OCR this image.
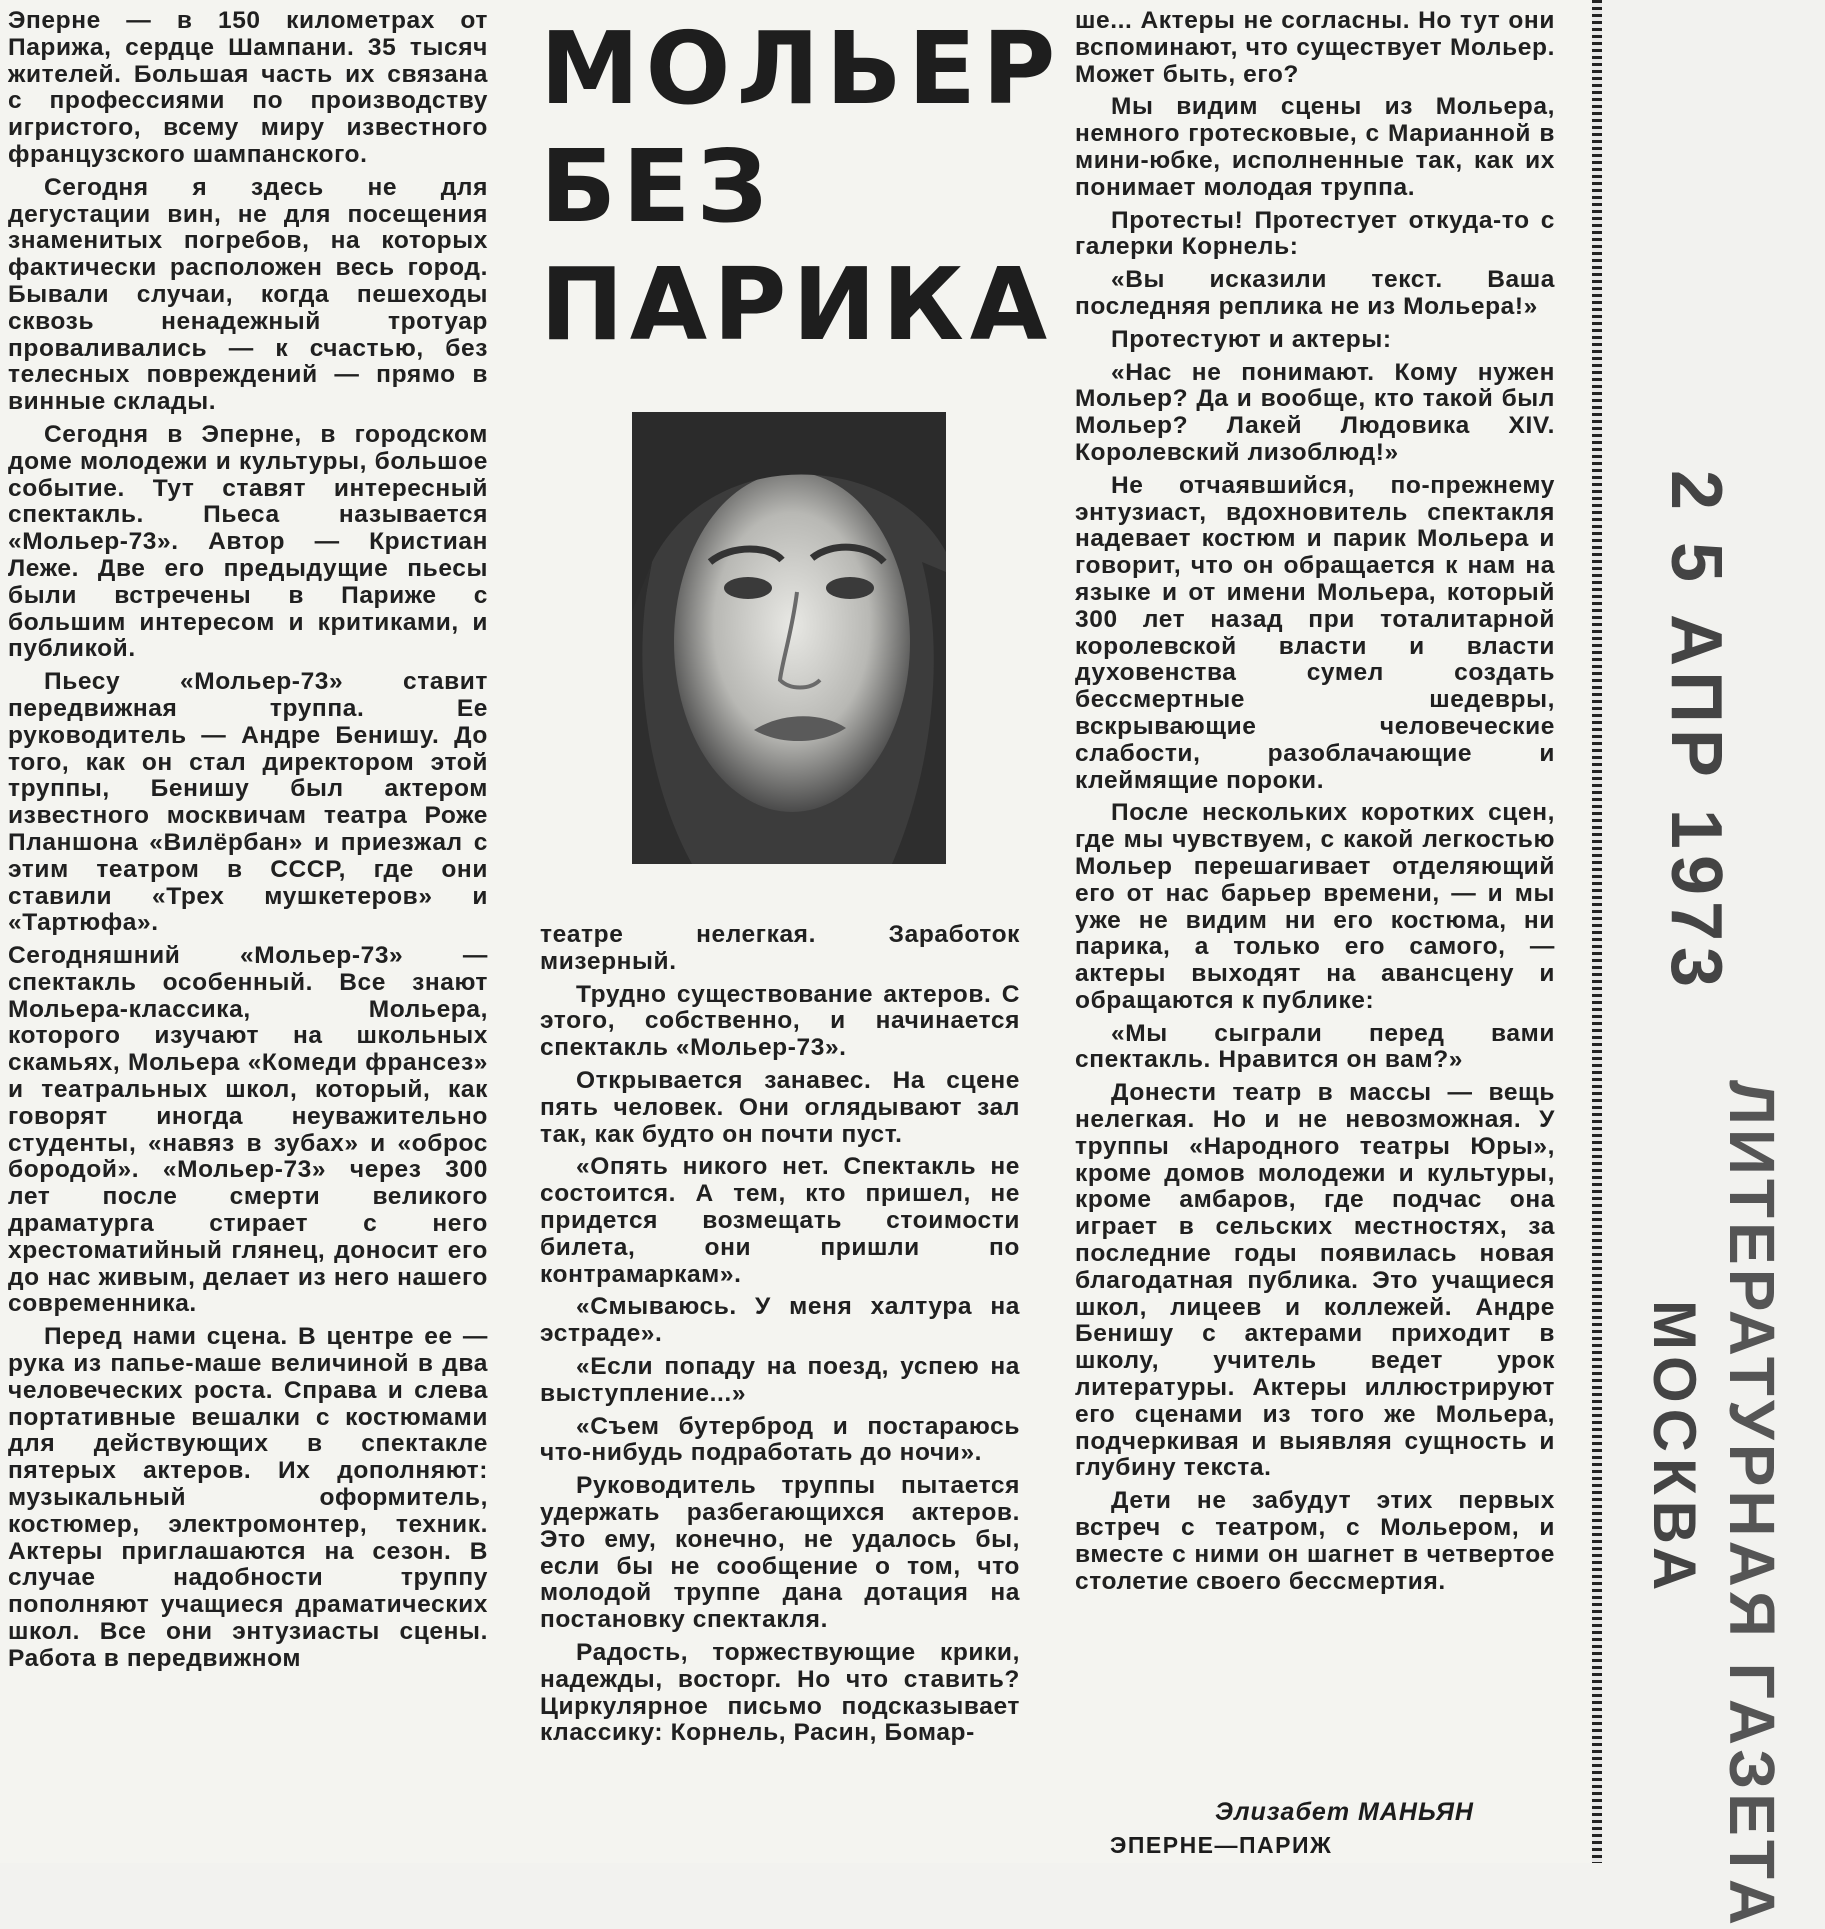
МОЛЬЕР
БЕЗ
ПАРИКА

Эперне — в 150 километрах от Парижа, сердце Шампани. 35 тысяч жителей. Большая часть их связана с профессиями по производству игристого, всему миру известного французского шампанского.

Сегодня я здесь не для дегустации вин, не для посещения знаменитых погребов, на которых фактически расположен весь город. Бывали случаи, когда пешеходы сквозь ненадежный тротуар проваливались — к счастью, без телесных повреждений — прямо в винные склады.

Сегодня в Эперне, в городском доме молодежи и культуры, большое событие. Тут ставят интересный спектакль. Пьеса называется «Мольер-73». Автор — Кристиан Леже. Две его предыдущие пьесы были встречены в Париже с большим интересом и критиками, и публикой.

Пьесу «Мольер-73» ставит передвижная труппа. Ее руководитель — Андре Бенишу. До того, как он стал директором этой труппы, Бенишу был актером известного москвичам театра Роже Планшона «Вилёрбан» и приезжал с этим театром в СССР, где они ставили «Трех мушкетеров» и «Тартюфа».

Сегодняшний «Мольер-73» — спектакль особенный. Все знают Мольера-классика, Мольера, которого изучают на школьных скамьях, Мольера «Комеди франсез» и театральных школ, который, как говорят иногда неуважительно студенты, «навяз в зубах» и «оброс бородой». «Мольер-73» через 300 лет после смерти великого драматурга стирает с него хрестоматийный глянец, доносит его до нас живым, делает из него нашего современника.

Перед нами сцена. В центре ее — рука из папье-маше величиной в два человеческих роста. Справа и слева портативные вешалки с костюмами для действующих в спектакле пятерых актеров. Их дополняют: музыкальный оформитель, костюмер, электромонтер, техник. Актеры приглашаются на сезон. В случае надобности труппу пополняют учащиеся драматических школ. Все они энтузиасты сцены. Работа в передвижном

театре нелегкая. Заработок мизерный.

Трудно существование актеров. С этого, собственно, и начинается спектакль «Мольер-73».

Открывается занавес. На сцене пять человек. Они оглядывают зал так, как будто он почти пуст.

«Опять никого нет. Спектакль не состоится. А тем, кто пришел, не придется возмещать стоимости билета, они пришли по контрамаркам».

«Смываюсь. У меня халтура на эстраде».

«Если попаду на поезд, успею на выступление...»

«Съем бутерброд и постараюсь что-нибудь подработать до ночи».

Руководитель труппы пытается удержать разбегающихся актеров. Это ему, конечно, не удалось бы, если бы не сообщение о том, что молодой труппе дана дотация на постановку спектакля.

Радость, торжествующие крики, надежды, восторг. Но что ставить? Циркулярное письмо подсказывает классику: Корнель, Расин, Бомар-

ше... Актеры не согласны. Но тут они вспоминают, что существует Мольер. Может быть, его?

Мы видим сцены из Мольера, немного гротесковые, с Марианной в мини-юбке, исполненные так, как их понимает молодая труппа.

Протесты! Протестует откуда-то с галерки Корнель:

«Вы исказили текст. Ваша последняя реплика не из Мольера!»

Протестуют и актеры:

«Нас не понимают. Кому нужен Мольер? Да и вообще, кто такой был Мольер? Лакей Людовика XIV. Королевский лизоблюд!»

Не отчаявшийся, по-прежнему энтузиаст, вдохновитель спектакля надевает костюм и парик Мольера и говорит, что он обращается к нам на языке и от имени Мольера, который 300 лет назад при тоталитарной королевской власти и власти духовенства сумел создать бессмертные шедевры, вскрывающие человеческие слабости, разоблачающие и клеймящие пороки.

После нескольких коротких сцен, где мы чувствуем, с какой легкостью Мольер перешагивает отделяющий его от нас барьер времени, — и мы уже не видим ни его костюма, ни парика, а только его самого, — актеры выходят на авансцену и обращаются к публике:

«Мы сыграли перед вами спектакль. Нравится он вам?»

Донести театр в массы — вещь нелегкая. Но и не невозможная. У труппы «Народного театры Юры», кроме домов молодежи и культуры, кроме амбаров, где подчас она играет в сельских местностях, за последние годы появилась новая благодатная публика. Это учащиеся школ, лицеев и коллежей. Андре Бенишу с актерами приходит в школу, учитель ведет урок литературы. Актеры иллюстрируют его сценами из того же Мольера, подчеркивая и выявляя сущность и глубину текста.

Дети не забудут этих первых встреч с театром, с Мольером, и вместе с ними он шагнет в четвертое столетие своего бессмертия.

Элизабет МАНЬЯН
ЭПЕРНЕ—ПАРИЖ
2 5 АПР 1973
ЛИТЕРАТУРНАЯ ГАЗЕТА
МОСКВА
